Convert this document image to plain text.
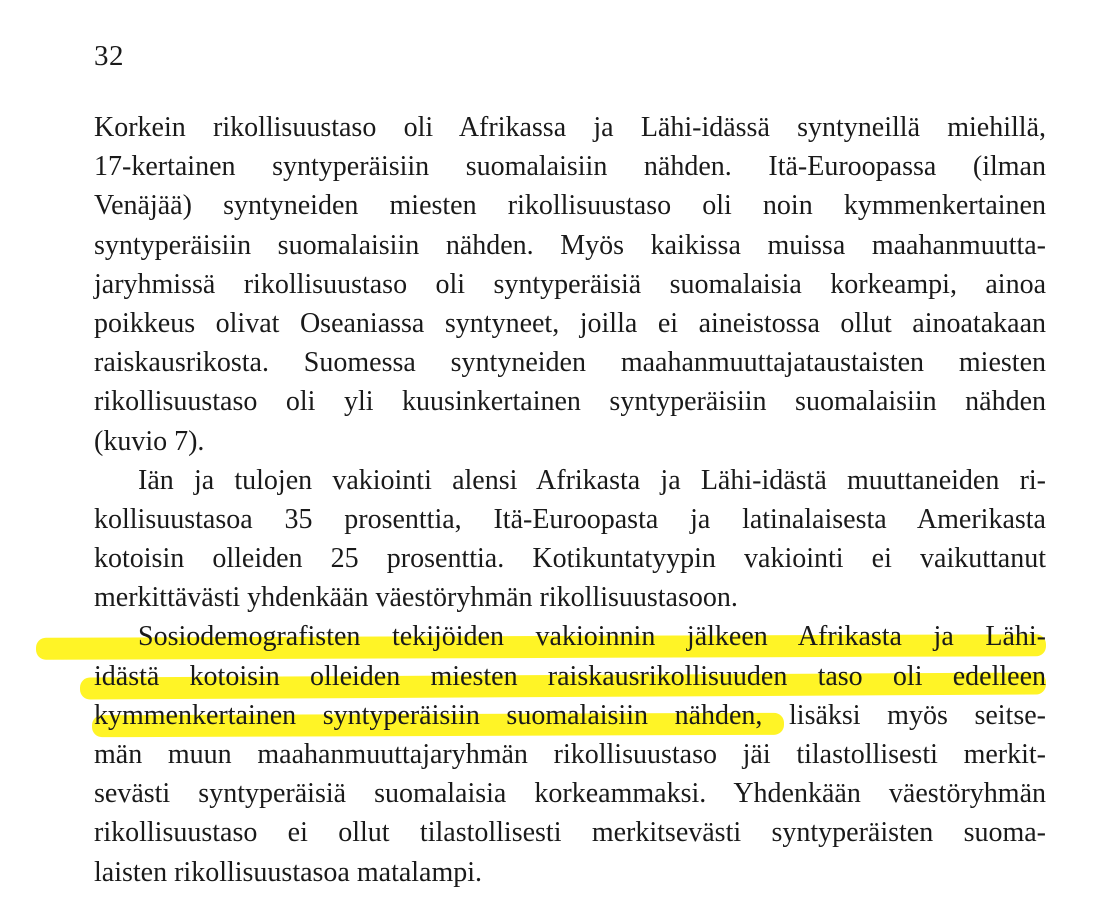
32
Korkein rikollisuustaso oli Afrikassa ja Lähi-idässä syntyneillä miehillä,
17-kertainen syntyperäisiin suomalaisiin nähden. Itä-Euroopassa (ilman
Venäjää) syntyneiden miesten rikollisuustaso oli noin kymmenkertainen
syntyperäisiin suomalaisiin nähden. Myös kaikissa muissa maahanmuutta-
jaryhmissä rikollisuustaso oli syntyperäisiä suomalaisia korkeampi, ainoa
poikkeus olivat Oseaniassa syntyneet, joilla ei aineistossa ollut ainoatakaan
raiskausrikosta. Suomessa syntyneiden maahanmuuttajataustaisten miesten
rikollisuustaso oli yli kuusinkertainen syntyperäisiin suomalaisiin nähden
(kuvio 7).
Iän ja tulojen vakiointi alensi Afrikasta ja Lähi-idästä muuttaneiden ri-
kollisuustasoa 35 prosenttia, Itä-Euroopasta ja latinalaisesta Amerikasta
kotoisin olleiden 25 prosenttia. Kotikuntatyypin vakiointi ei vaikuttanut
merkittävästi yhdenkään väestöryhmän rikollisuustasoon.
Sosiodemografisten tekijöiden vakioinnin jälkeen Afrikasta ja Lähi-
idästä kotoisin olleiden miesten raiskausrikollisuuden taso oli edelleen
kymmenkertainen syntyperäisiin suomalaisiin nähden, lisäksi myös seitse-
män muun maahanmuuttajaryhmän rikollisuustaso jäi tilastollisesti merkit-
sevästi syntyperäisiä suomalaisia korkeammaksi. Yhdenkään väestöryhmän
rikollisuustaso ei ollut tilastollisesti merkitsevästi syntyperäisten suoma-
laisten rikollisuustasoa matalampi.
